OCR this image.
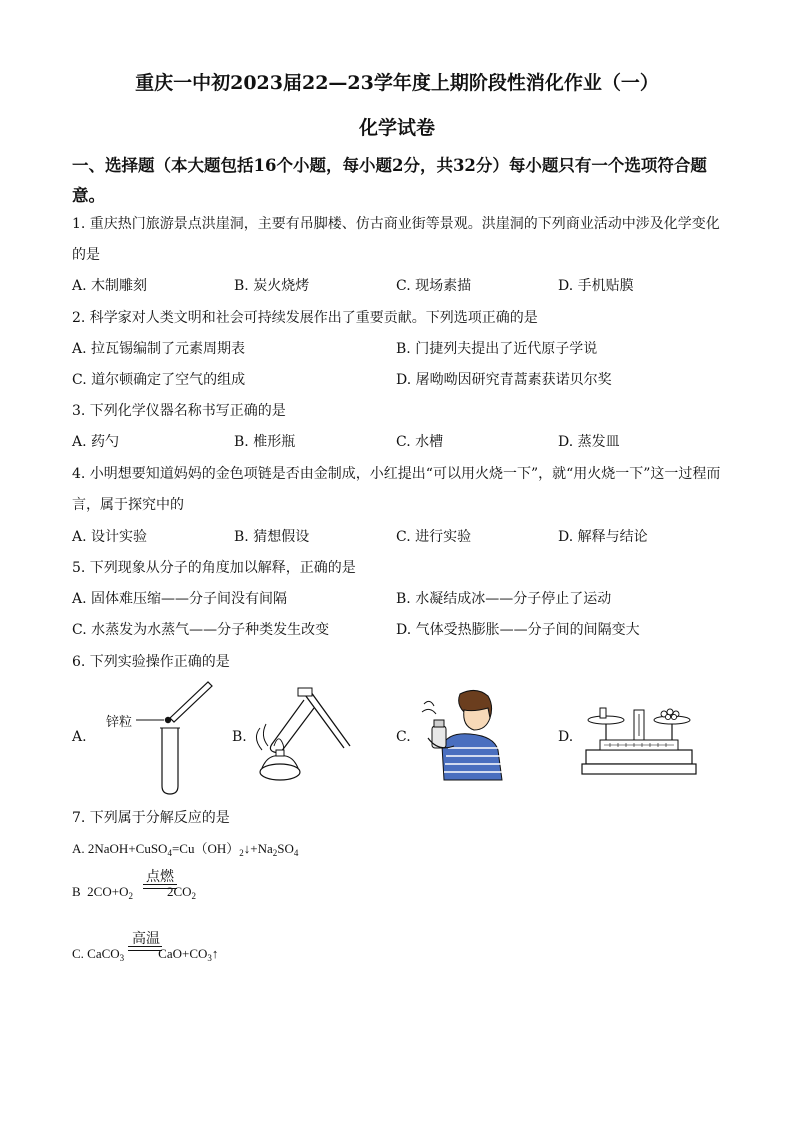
重庆一中初2023届22—23学年度上期阶段性消化作业（一）
化学试卷
一、选择题（本大题包括16个小题，每小题2分，共32分）每小题只有一个选项符合题
意。
1. 重庆热门旅游景点洪崖洞，主要有吊脚楼、仿古商业街等景观。洪崖洞的下列商业活动中涉及化学变化
的是
A. 木制雕刻	B. 炭火烧烤	C. 现场素描	D. 手机贴膜
2. 科学家对人类文明和社会可持续发展作出了重要贡献。下列选项正确的是
A. 拉瓦锡编制了元素周期表	B. 门捷列夫提出了近代原子学说
C. 道尔顿确定了空气的组成	D. 屠呦呦因研究青蒿素获诺贝尔奖
3. 下列化学仪器名称书写正确的是
A. 药勺	B. 椎形瓶	C. 水槽	D. 蒸发皿
4. 小明想要知道妈妈的金色项链是否由金制成，小红提出“可以用火烧一下”，就“用火烧一下”这一过程而
言，属于探究中的
A. 设计实验	B. 猜想假设	C. 进行实验	D. 解释与结论
5. 下列现象从分子的角度加以解释，正确的是
A. 固体难压缩——分子间没有间隔	B. 水凝结成冰——分子停止了运动
C. 水蒸发为水蒸气——分子种类发生改变	D. 气体受热膨胀——分子间的间隔变大
6. 下列实验操作正确的是
A.	B.	C.	D.
锌粒
7. 下列属于分解反应的是
A. $2NaOH+CuSO_4=Cu(OH)_2↓+Na_2SO_4$
点燃
B $2CO+O_2$	$2CO_2$
高温
C. CaCO$_3$	$CaO+CO_3↑$
